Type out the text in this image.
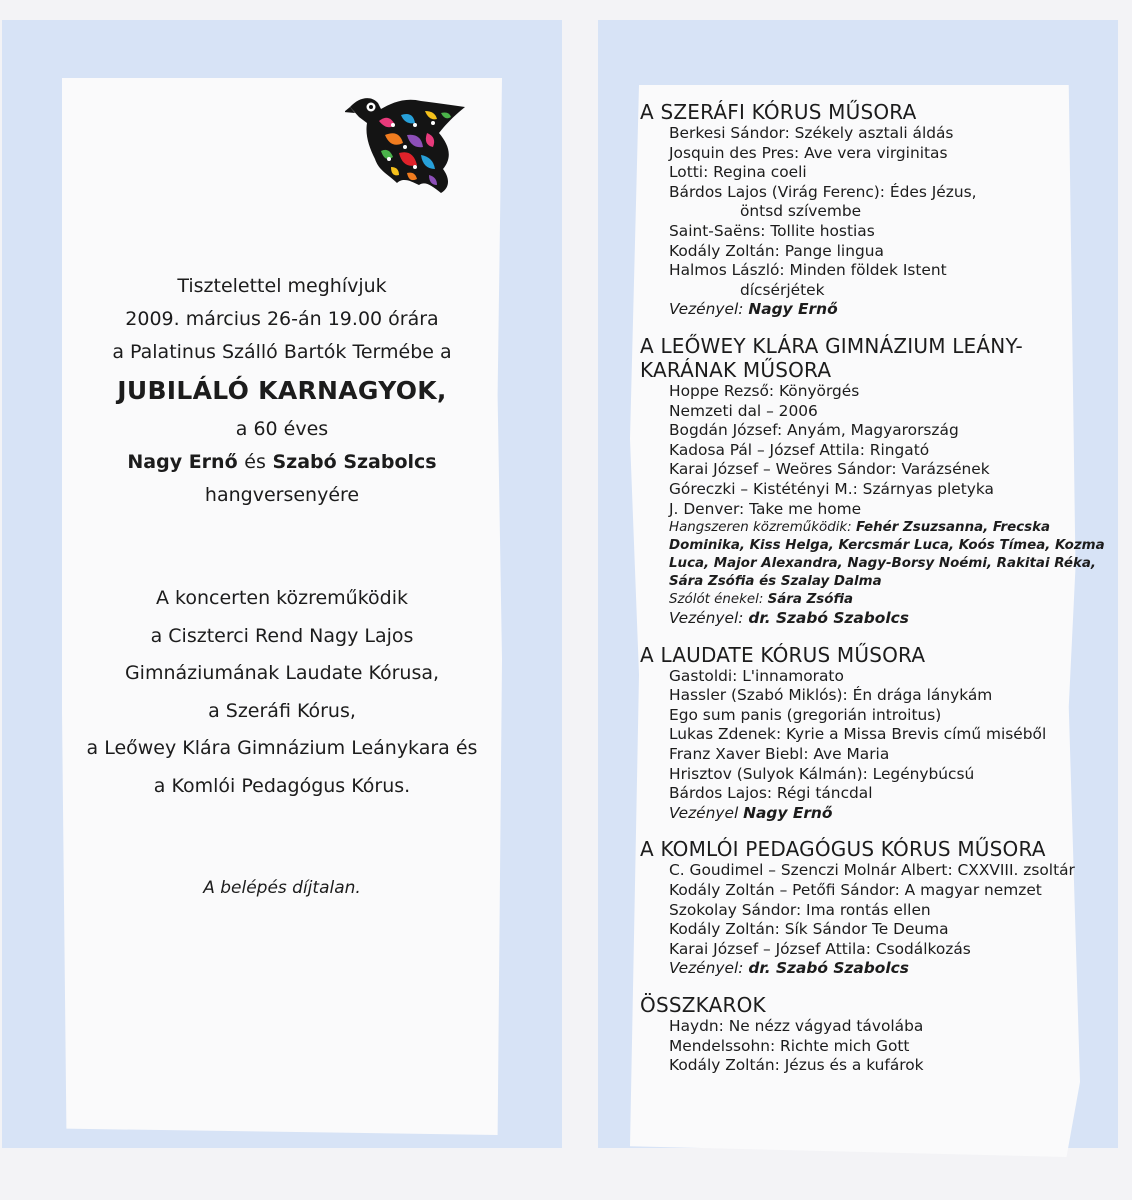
Tisztelettel meghívjuk
2009. március 26-án 19.00 órára
a Palatinus Szálló Bartók Termébe a
JUBILÁLÓ KARNAGYOK,
a 60 éves
Nagy Ernő és Szabó Szabolcs
hangversenyére
A koncerten közreműködik
a Ciszterci Rend Nagy Lajos
Gimnáziumának Laudate Kórusa,
a Szeráfi Kórus,
a Leőwey Klára Gimnázium Leánykara és
a Komlói Pedagógus Kórus.
A belépés díjtalan.
A SZERÁFI KÓRUS MŰSORA
Berkesi Sándor: Székely asztali áldás
Josquin des Pres: Ave vera virginitas
Lotti: Regina coeli
Bárdos Lajos (Virág Ferenc): Édes Jézus,
öntsd szívembe
Saint-Saëns: Tollite hostias
Kodály Zoltán: Pange lingua
Halmos László: Minden földek Istent
dícsérjétek
Vezényel: Nagy Ernő
A LEŐWEY KLÁRA GIMNÁZIUM LEÁNY-
KARÁNAK MŰSORA
Hoppe Rezső: Könyörgés
Nemzeti dal – 2006
Bogdán József: Anyám, Magyarország
Kadosa Pál – József Attila: Ringató
Karai József – Weöres Sándor: Varázsének
Góreczki – Kistétényi M.: Szárnyas pletyka
J. Denver: Take me home
Hangszeren közreműködik: Fehér Zsuzsanna, Frecska
Dominika, Kiss Helga, Kercsmár Luca, Koós Tímea, Kozma
Luca, Major Alexandra, Nagy-Borsy Noémi, Rakitai Réka,
Sára Zsófia és Szalay Dalma
Szólót énekel: Sára Zsófia
Vezényel: dr. Szabó Szabolcs
A LAUDATE KÓRUS MŰSORA
Gastoldi: L'innamorato
Hassler (Szabó Miklós): Én drága lánykám
Ego sum panis (gregorián introitus)
Lukas Zdenek: Kyrie a Missa Brevis című miséből
Franz Xaver Biebl: Ave Maria
Hrisztov (Sulyok Kálmán): Legénybúcsú
Bárdos Lajos: Régi táncdal
Vezényel Nagy Ernő
A KOMLÓI PEDAGÓGUS KÓRUS MŰSORA
C. Goudimel – Szenczi Molnár Albert: CXXVIII. zsoltár
Kodály Zoltán – Petőfi Sándor: A magyar nemzet
Szokolay Sándor: Ima rontás ellen
Kodály Zoltán: Sík Sándor Te Deuma
Karai József – József Attila: Csodálkozás
Vezényel: dr. Szabó Szabolcs
ÖSSZKAROK
Haydn: Ne nézz vágyad távolába
Mendelssohn: Richte mich Gott
Kodály Zoltán: Jézus és a kufárok
